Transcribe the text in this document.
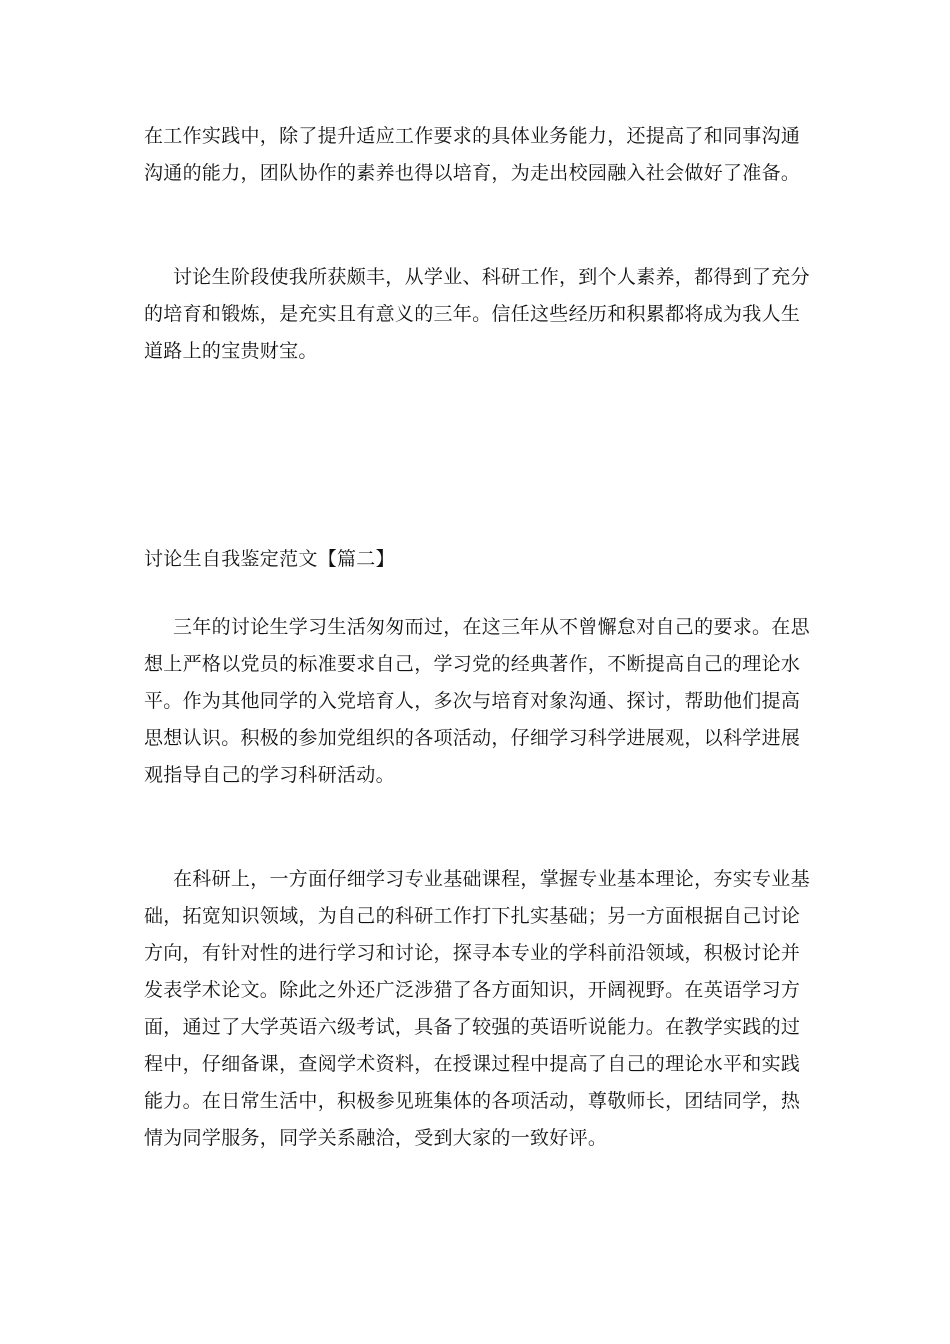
在工作实践中，除了提升适应工作要求的具体业务能力，还提高了和同事沟通
沟通的能力，团队协作的素养也得以培育，为走出校园融入社会做好了准备。
讨论生阶段使我所获颇丰，从学业、科研工作，到个人素养，都得到了充分
的培育和锻炼，是充实且有意义的三年。信任这些经历和积累都将成为我人生
道路上的宝贵财宝。
讨论生自我鉴定范文【篇二】
三年的讨论生学习生活匆匆而过，在这三年从不曾懈怠对自己的要求。在思
想上严格以党员的标准要求自己，学习党的经典著作，不断提高自己的理论水
平。作为其他同学的入党培育人，多次与培育对象沟通、探讨，帮助他们提高
思想认识。积极的参加党组织的各项活动，仔细学习科学进展观，以科学进展
观指导自己的学习科研活动。
在科研上，一方面仔细学习专业基础课程，掌握专业基本理论，夯实专业基
础，拓宽知识领域，为自己的科研工作打下扎实基础；另一方面根据自己讨论
方向，有针对性的进行学习和讨论，探寻本专业的学科前沿领域，积极讨论并
发表学术论文。除此之外还广泛涉猎了各方面知识，开阔视野。在英语学习方
面，通过了大学英语六级考试，具备了较强的英语听说能力。在教学实践的过
程中，仔细备课，查阅学术资料，在授课过程中提高了自己的理论水平和实践
能力。在日常生活中，积极参见班集体的各项活动，尊敬师长，团结同学，热
情为同学服务，同学关系融洽，受到大家的一致好评。
